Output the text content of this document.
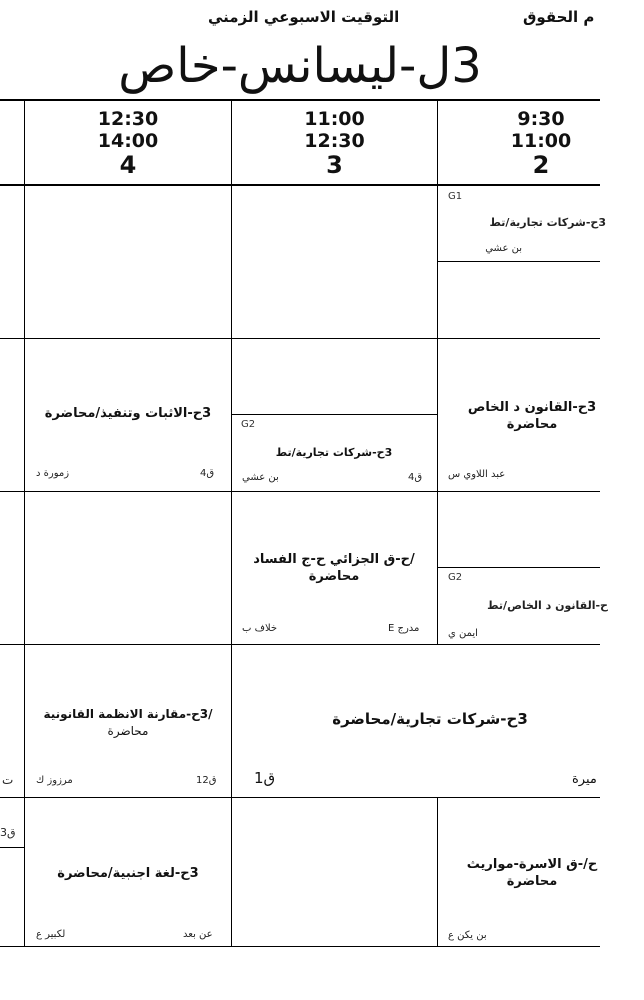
م الحقوق
التوقيت الاسبوعي الزمني
3ل-ليسانس-خاص
12:30
14:00
4
11:00
12:30
3
9:30
11:00
2
G1
3ح-شركات تجارية/تط
بن عشي
3ح-الاثبات وتنفيذ/محاضرة
ق4
زمورة د
G2
3ح-شركات تجارية/تط
ق4
بن عشي
3ح-القانون د الخاص
محاضرة
عبد اللاوي س
/ح-ق الجزائي ح-ج الفساد
محاضرة
مدرج E
خلاف ب
G2
ح-القانون د الخاص/تط
ايمن ي
/3ح-مقارنة الانظمة القانونية
محاضرة
ق12
مرزوز ك
3ح-شركات تجارية/محاضرة
ق1	ميرة
ت
ق3
3ح-لغة اجنبية/محاضرة
عن بعد
لكبير ع
ح/-ق الاسرة-مواريث
محاضرة
بن يكن ع
